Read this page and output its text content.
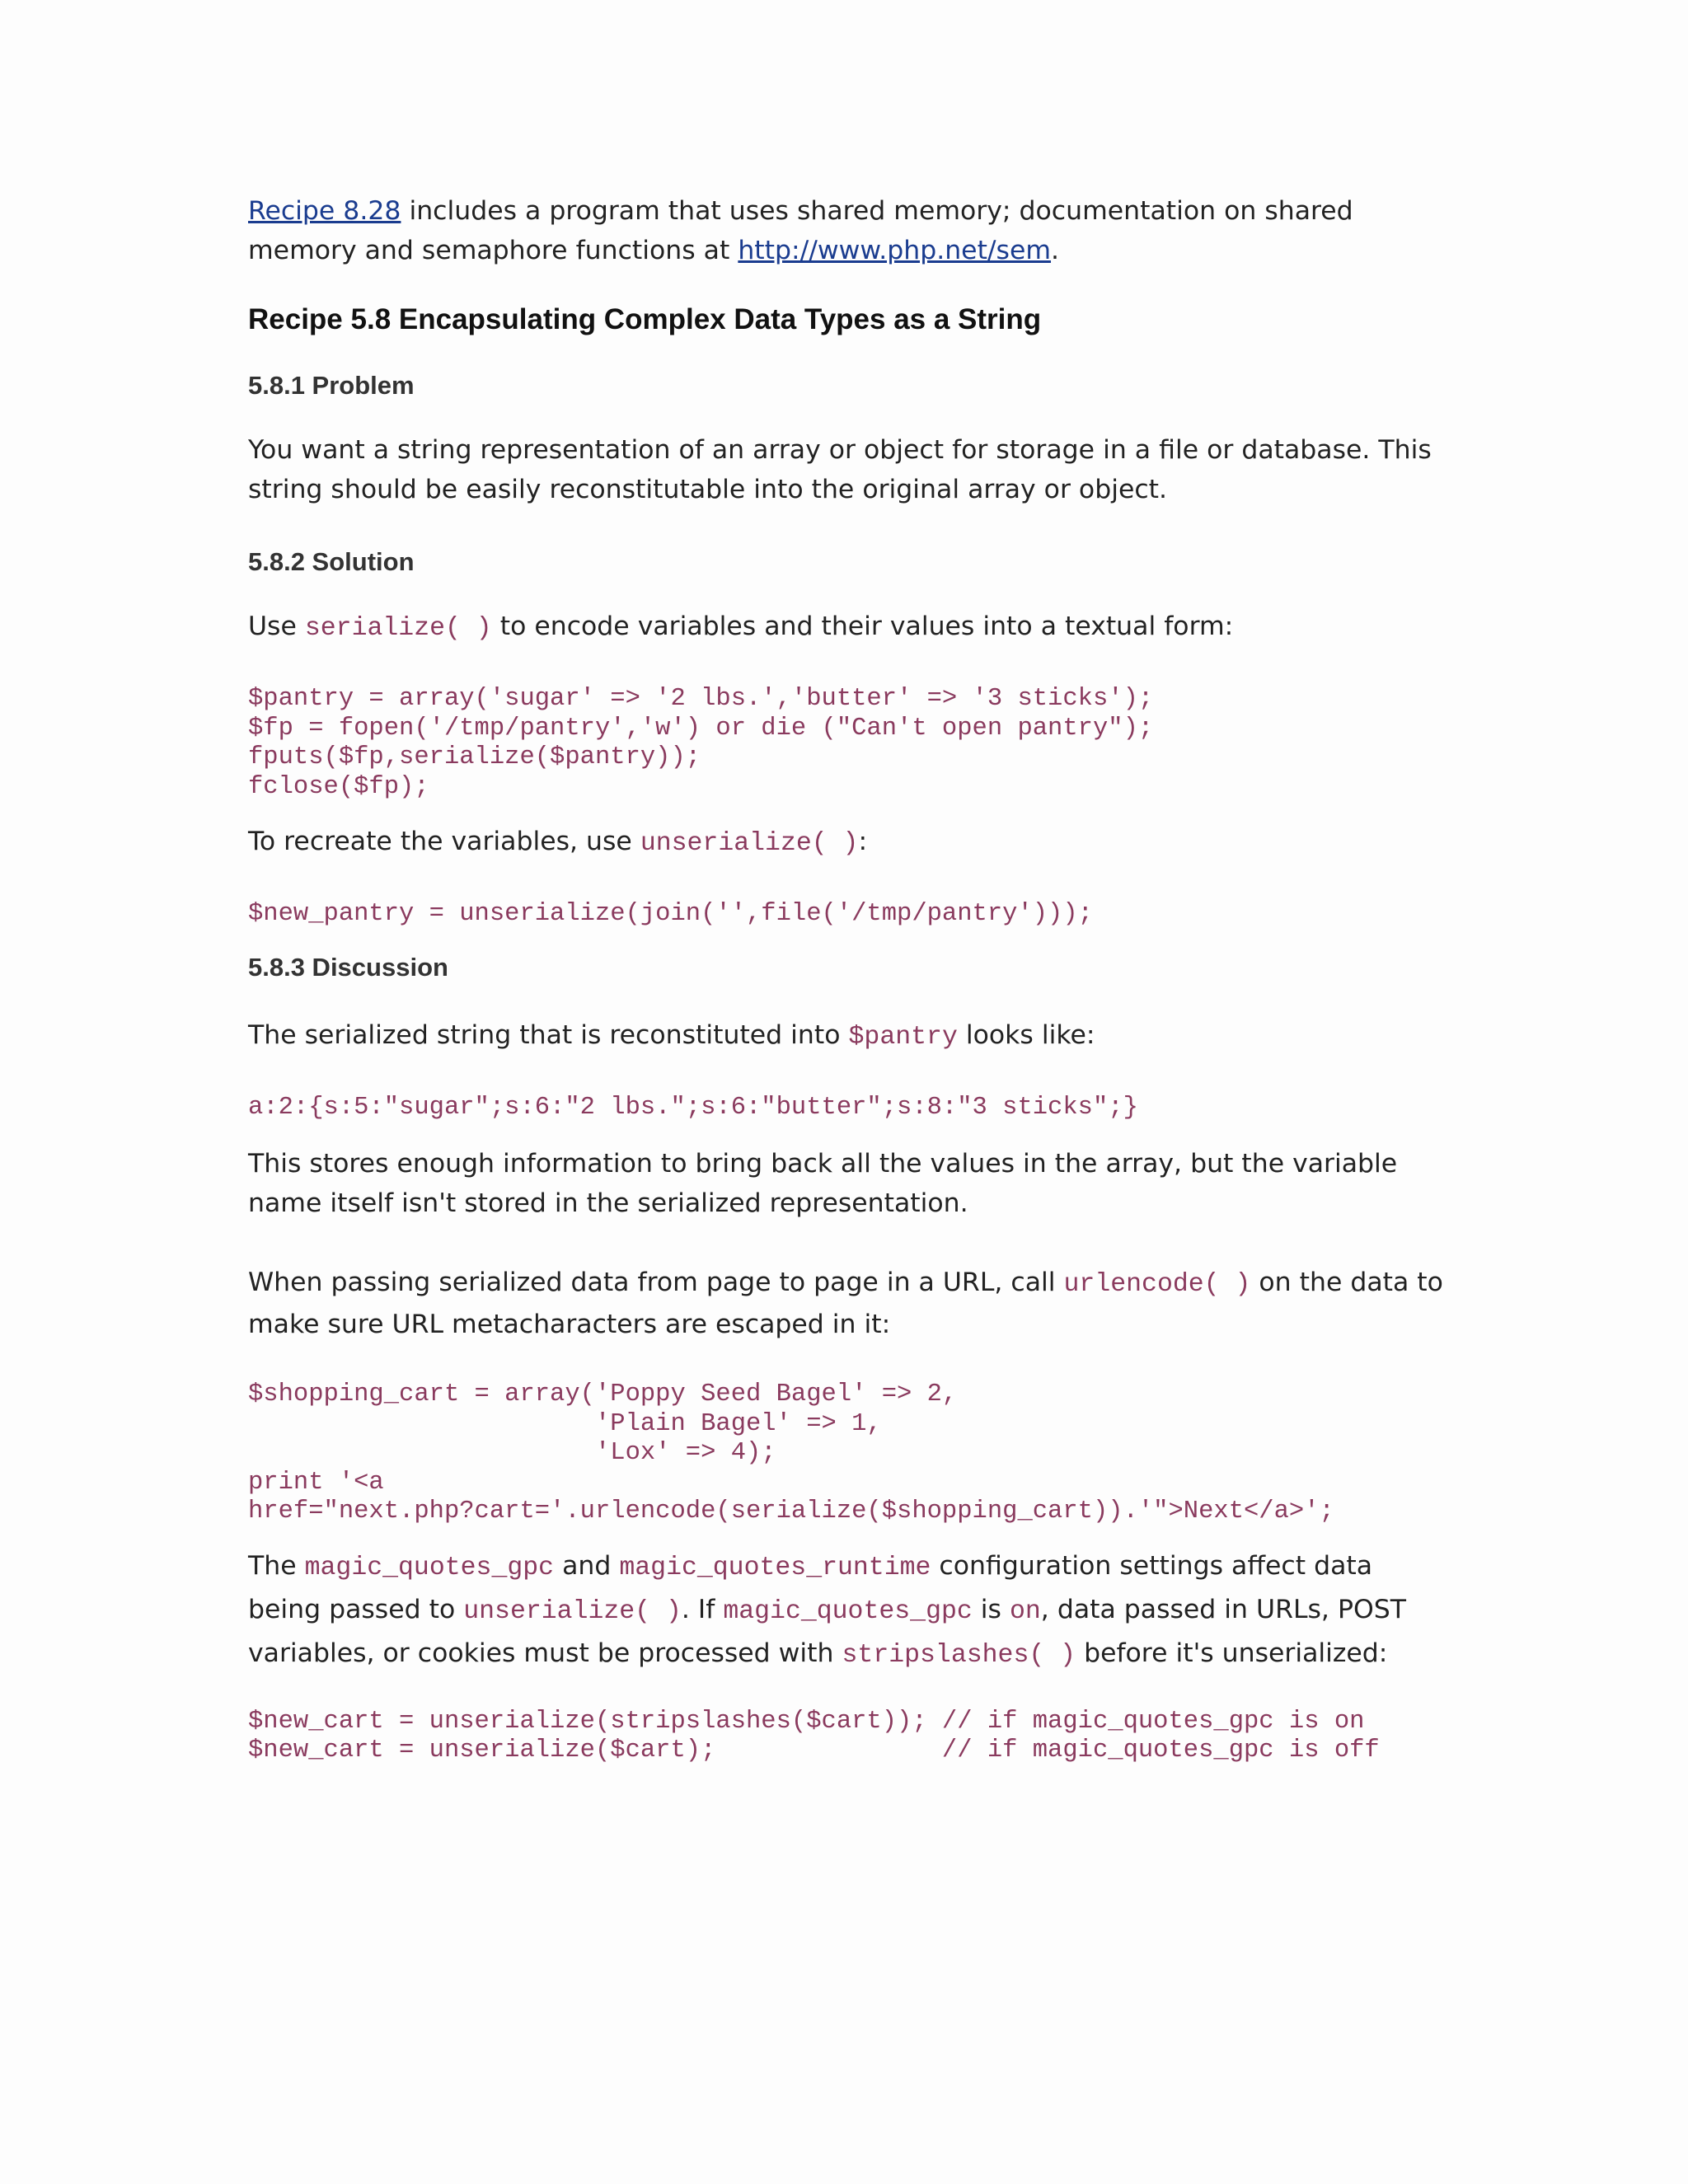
Recipe 8.28 includes a program that uses shared memory; documentation on shared memory and semaphore functions at http://www.php.net/sem.

Recipe 5.8 Encapsulating Complex Data Types as a String
5.8.1 Problem

You want a string representation of an array or object for storage in a file or database. This string should be easily reconstitutable into the original array or object.

5.8.2 Solution

Use serialize( ) to encode variables and their values into a textual form:

$pantry = array('sugar' => '2 lbs.','butter' => '3 sticks');
$fp = fopen('/tmp/pantry','w') or die ("Can't open pantry");
fputs($fp,serialize($pantry));
fclose($fp);

To recreate the variables, use unserialize( ):

$new_pantry = unserialize(join('',file('/tmp/pantry')));
5.8.3 Discussion

The serialized string that is reconstituted into $pantry looks like:

a:2:{s:5:"sugar";s:6:"2 lbs.";s:6:"butter";s:8:"3 sticks";}

This stores enough information to bring back all the values in the array, but the variable name itself isn't stored in the serialized representation.

When passing serialized data from page to page in a URL, call urlencode( ) on the data to make sure URL metacharacters are escaped in it:

$shopping_cart = array('Poppy Seed Bagel' => 2,
'Plain Bagel' => 1,
'Lox' => 4);
print '<a
href="next.php?cart='.urlencode(serialize($shopping_cart)).'">Next</a>';

The magic_quotes_gpc and magic_quotes_runtime configuration settings affect data being passed to unserialize( ). If magic_quotes_gpc is on, data passed in URLs, POST variables, or cookies must be processed with stripslashes( ) before it's unserialized:

$new_cart = unserialize(stripslashes($cart)); // if magic_quotes_gpc is on
$new_cart = unserialize($cart);               // if magic_quotes_gpc is off
